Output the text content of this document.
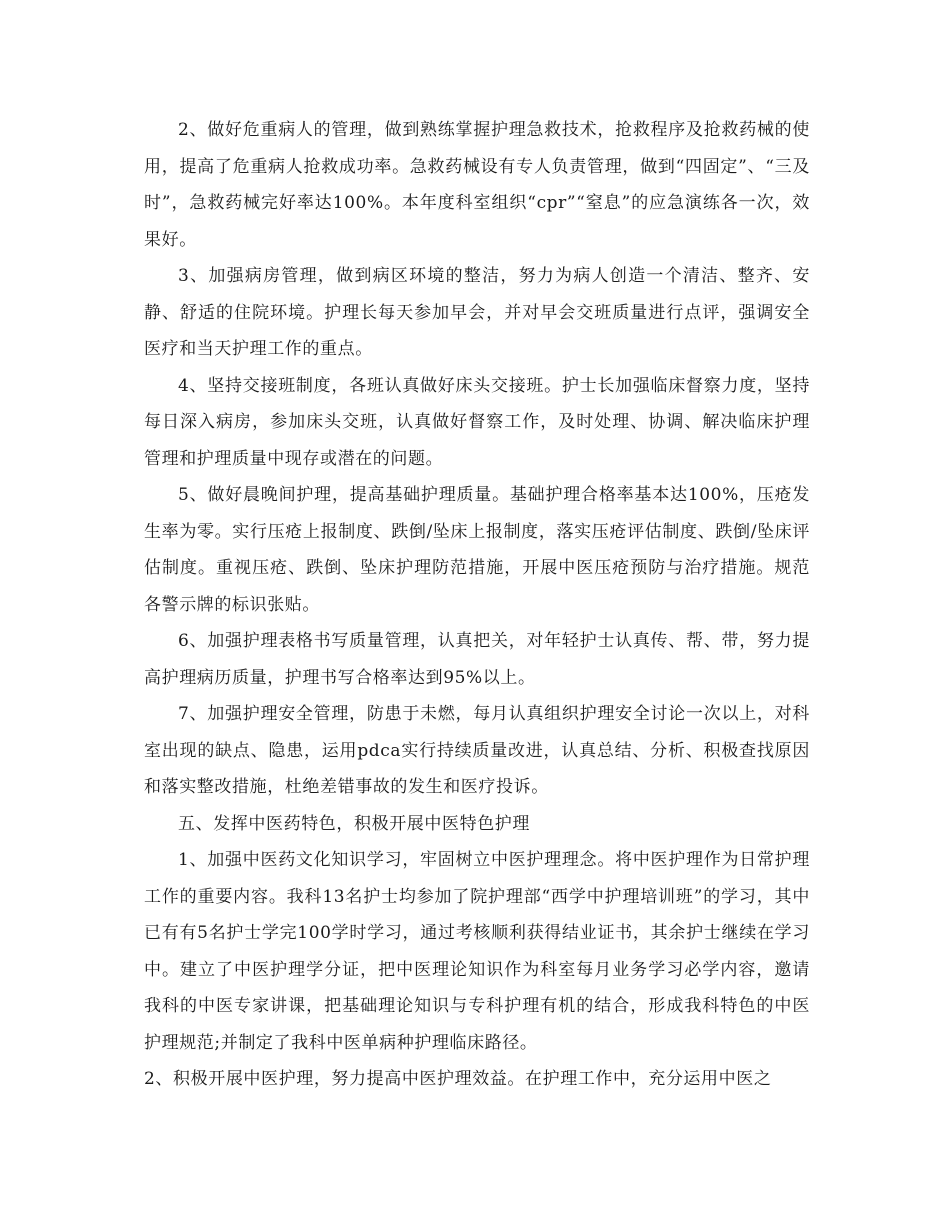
2、做好危重病人的管理，做到熟练掌握护理急救技术，抢救程序及抢救药械的使用，提高了危重病人抢救成功率。急救药械设有专人负责管理，做到“四固定”、“三及时”，急救药械完好率达100%。本年度科室组织“cpr”“窒息”的应急演练各一次，效果好。

3、加强病房管理，做到病区环境的整洁，努力为病人创造一个清洁、整齐、安静、舒适的住院环境。护理长每天参加早会，并对早会交班质量进行点评，强调安全医疗和当天护理工作的重点。

4、坚持交接班制度，各班认真做好床头交接班。护士长加强临床督察力度，坚持每日深入病房，参加床头交班，认真做好督察工作，及时处理、协调、解决临床护理管理和护理质量中现存或潜在的问题。

5、做好晨晚间护理，提高基础护理质量。基础护理合格率基本达100%，压疮发生率为零。实行压疮上报制度、跌倒/坠床上报制度，落实压疮评估制度、跌倒/坠床评估制度。重视压疮、跌倒、坠床护理防范措施，开展中医压疮预防与治疗措施。规范各警示牌的标识张贴。

6、加强护理表格书写质量管理，认真把关，对年轻护士认真传、帮、带，努力提高护理病历质量，护理书写合格率达到95%以上。

7、加强护理安全管理，防患于未燃，每月认真组织护理安全讨论一次以上，对科室出现的缺点、隐患，运用pdca实行持续质量改进，认真总结、分析、积极查找原因和落实整改措施，杜绝差错事故的发生和医疗投诉。

五、发挥中医药特色，积极开展中医特色护理

1、加强中医药文化知识学习，牢固树立中医护理理念。将中医护理作为日常护理工作的重要内容。我科13名护士均参加了院护理部“西学中护理培训班”的学习，其中已有有5名护士学完100学时学习，通过考核顺利获得结业证书，其余护士继续在学习中。建立了中医护理学分证，把中医理论知识作为科室每月业务学习必学内容，邀请我科的中医专家讲课，把基础理论知识与专科护理有机的结合，形成我科特色的中医护理规范;并制定了我科中医单病种护理临床路径。

2、积极开展中医护理，努力提高中医护理效益。在护理工作中，充分运用中医之
